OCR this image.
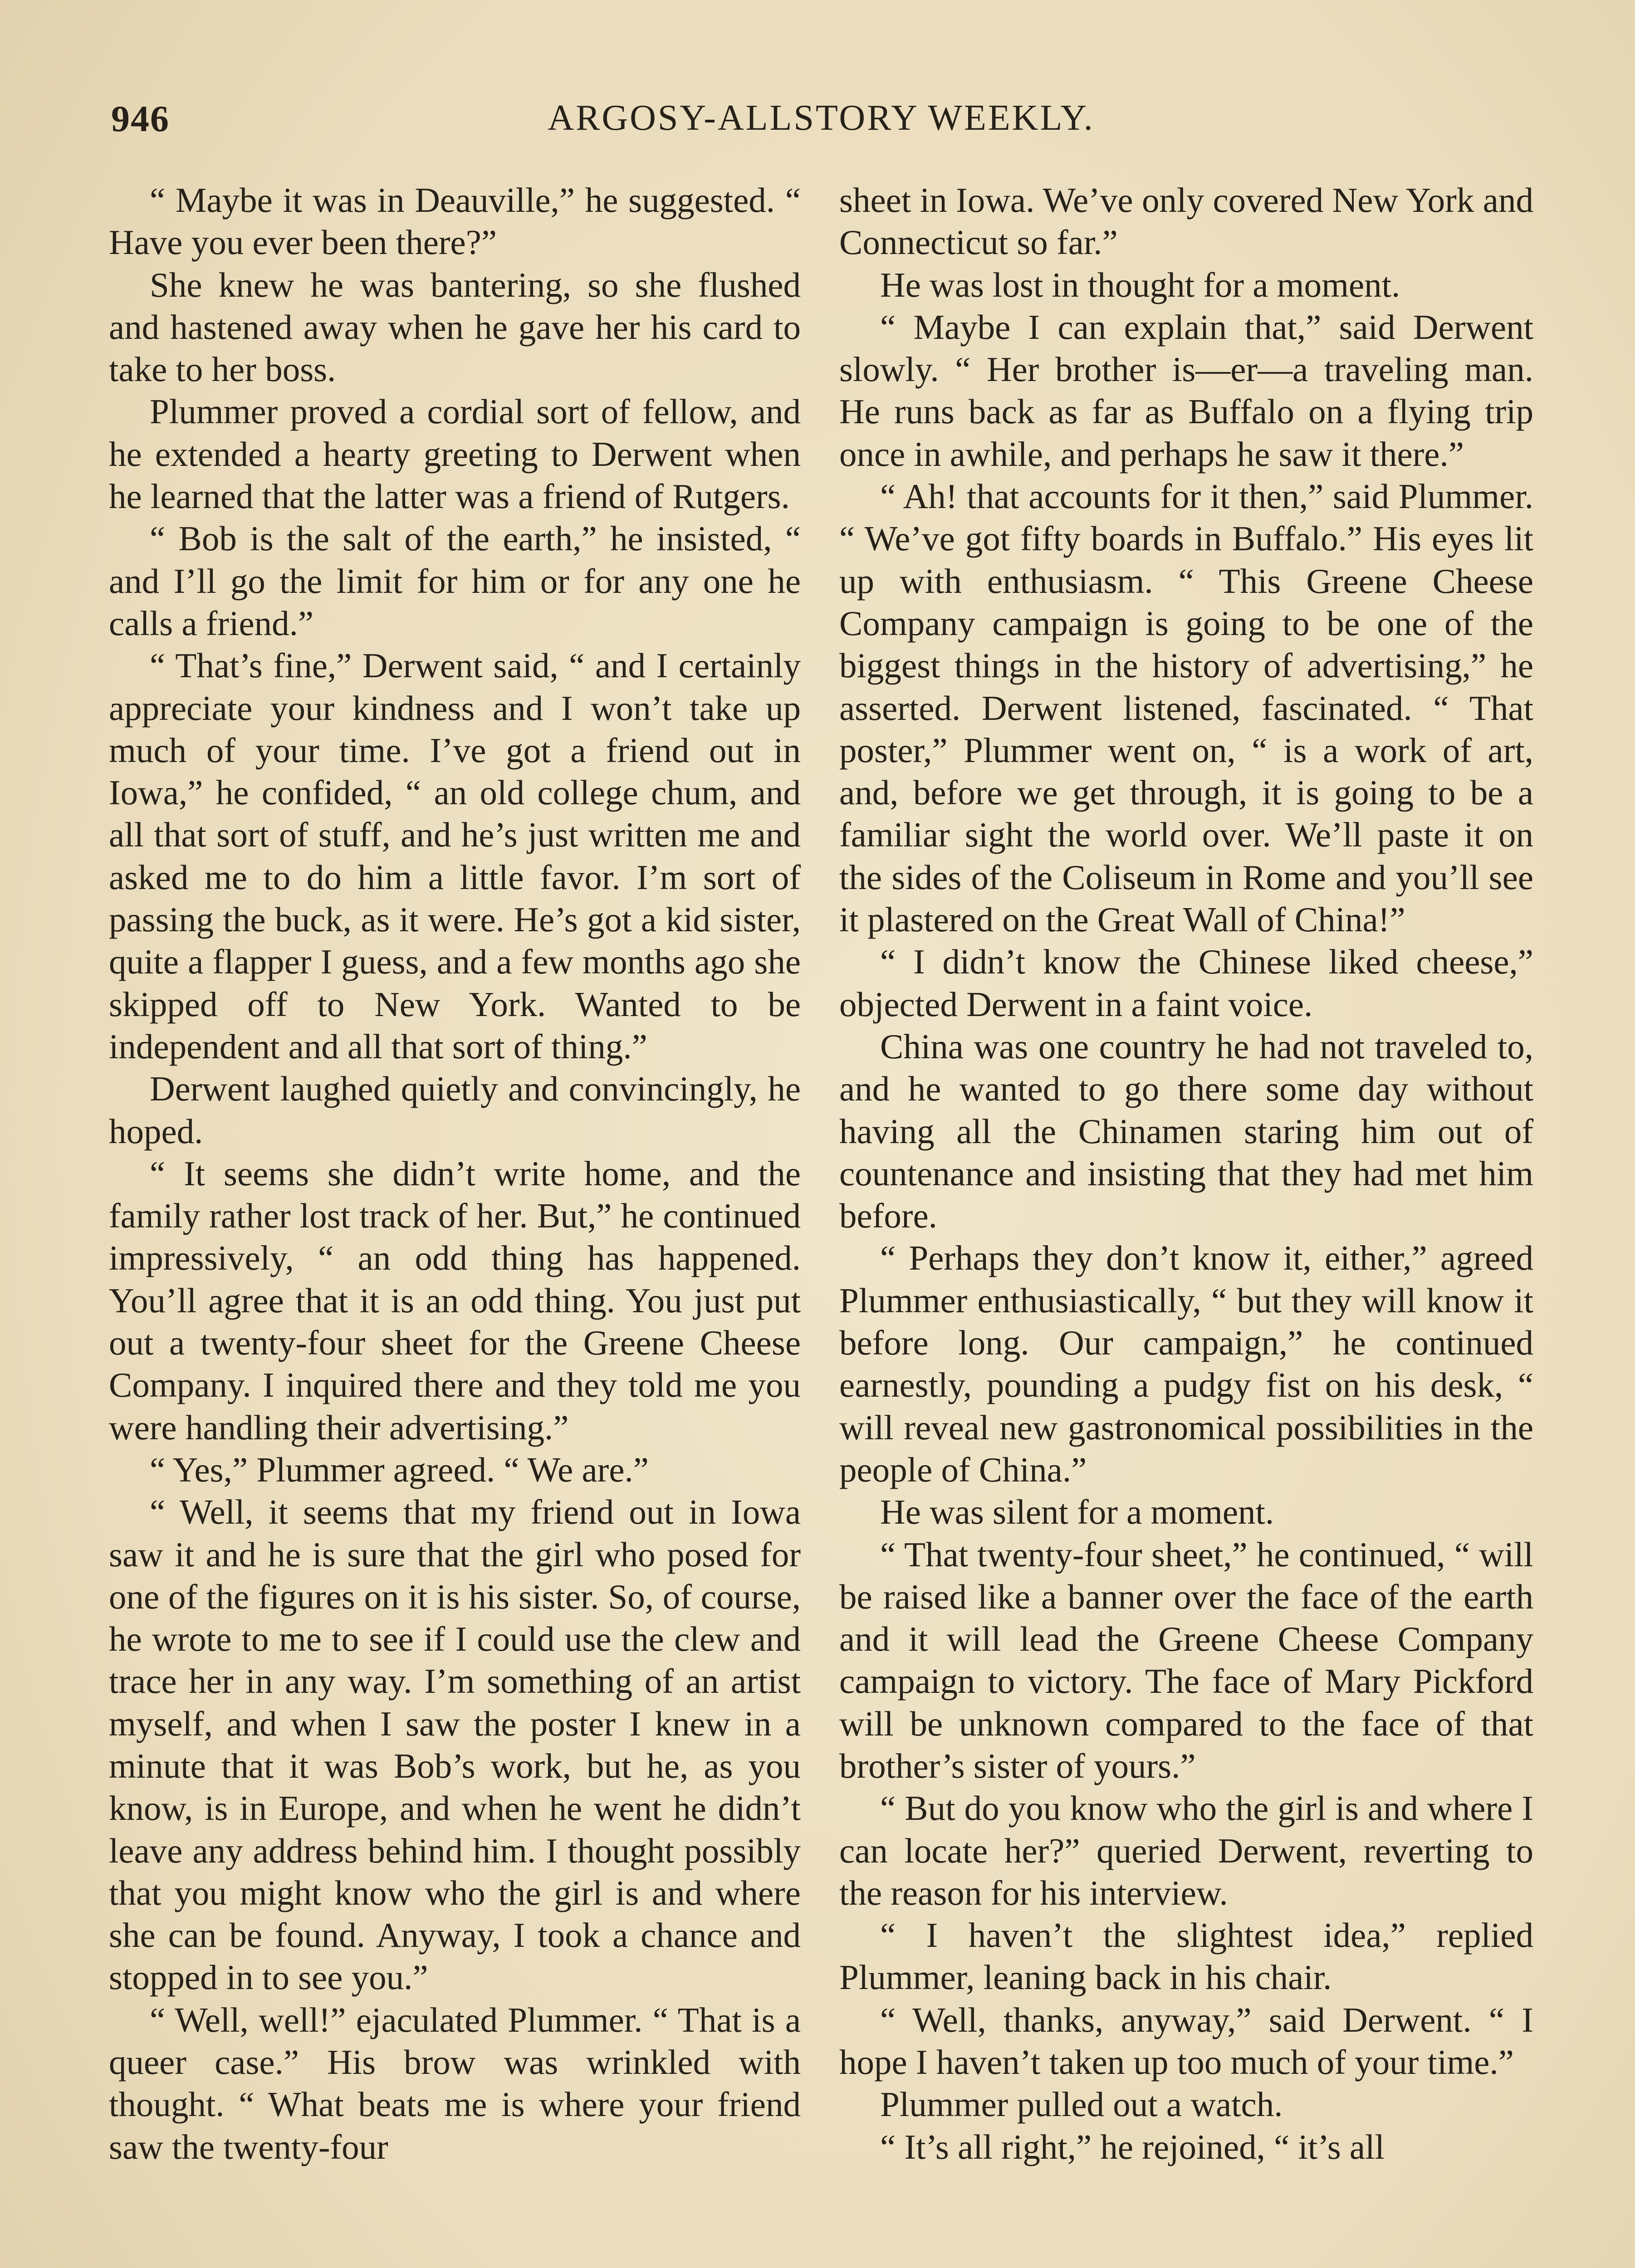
946	ARGOSY-ALLSTORY WEEKLY.

“ Maybe it was in Deauville,” he suggested. “ Have you ever been there?”

She knew he was bantering, so she flushed and hastened away when he gave her his card to take to her boss.

Plummer proved a cordial sort of fellow, and he extended a hearty greeting to Derwent when he learned that the latter was a friend of Rutgers.

“ Bob is the salt of the earth,” he insisted, “ and I’ll go the limit for him or for any one he calls a friend.”

“ That’s fine,” Derwent said, “ and I certainly appreciate your kindness and I won’t take up much of your time. I’ve got a friend out in Iowa,” he confided, “ an old college chum, and all that sort of stuff, and he’s just written me and asked me to do him a little favor. I’m sort of passing the buck, as it were. He’s got a kid sister, quite a flapper I guess, and a few months ago she skipped off to New York. Wanted to be independent and all that sort of thing.”

Derwent laughed quietly and convincingly, he hoped.

“ It seems she didn’t write home, and the family rather lost track of her. But,” he continued impressively, “ an odd thing has happened. You’ll agree that it is an odd thing. You just put out a twenty-four sheet for the Greene Cheese Company. I inquired there and they told me you were handling their advertising.”

“ Yes,” Plummer agreed. “ We are.”

“ Well, it seems that my friend out in Iowa saw it and he is sure that the girl who posed for one of the figures on it is his sister. So, of course, he wrote to me to see if I could use the clew and trace her in any way. I’m something of an artist myself, and when I saw the poster I knew in a minute that it was Bob’s work, but he, as you know, is in Europe, and when he went he didn’t leave any address behind him. I thought possibly that you might know who the girl is and where she can be found. Anyway, I took a chance and stopped in to see you.”

“ Well, well!” ejaculated Plummer. “ That is a queer case.” His brow was wrinkled with thought. “ What beats me is where your friend saw the twenty-four

sheet in Iowa. We’ve only covered New York and Connecticut so far.”

He was lost in thought for a moment.

“ Maybe I can explain that,” said Derwent slowly. “ Her brother is—er—a traveling man. He runs back as far as Buffalo on a flying trip once in awhile, and perhaps he saw it there.”

“ Ah! that accounts for it then,” said Plummer. “ We’ve got fifty boards in Buffalo.” His eyes lit up with enthusiasm. “ This Greene Cheese Company campaign is going to be one of the biggest things in the history of advertising,” he asserted. Derwent listened, fascinated. “ That poster,” Plummer went on, “ is a work of art, and, before we get through, it is going to be a familiar sight the world over. We’ll paste it on the sides of the Coliseum in Rome and you’ll see it plastered on the Great Wall of China!”

“ I didn’t know the Chinese liked cheese,” objected Derwent in a faint voice.

China was one country he had not traveled to, and he wanted to go there some day without having all the Chinamen staring him out of countenance and insisting that they had met him before.

“ Perhaps they don’t know it, either,” agreed Plummer enthusiastically, “ but they will know it before long. Our campaign,” he continued earnestly, pounding a pudgy fist on his desk, “ will reveal new gastronomical possibilities in the people of China.”

He was silent for a moment.

“ That twenty-four sheet,” he continued, “ will be raised like a banner over the face of the earth and it will lead the Greene Cheese Company campaign to victory. The face of Mary Pickford will be unknown compared to the face of that brother’s sister of yours.”

“ But do you know who the girl is and where I can locate her?” queried Derwent, reverting to the reason for his interview.

“ I haven’t the slightest idea,” replied Plummer, leaning back in his chair.

“ Well, thanks, anyway,” said Derwent. “ I hope I haven’t taken up too much of your time.”

Plummer pulled out a watch.

“ It’s all right,” he rejoined, “ it’s all
